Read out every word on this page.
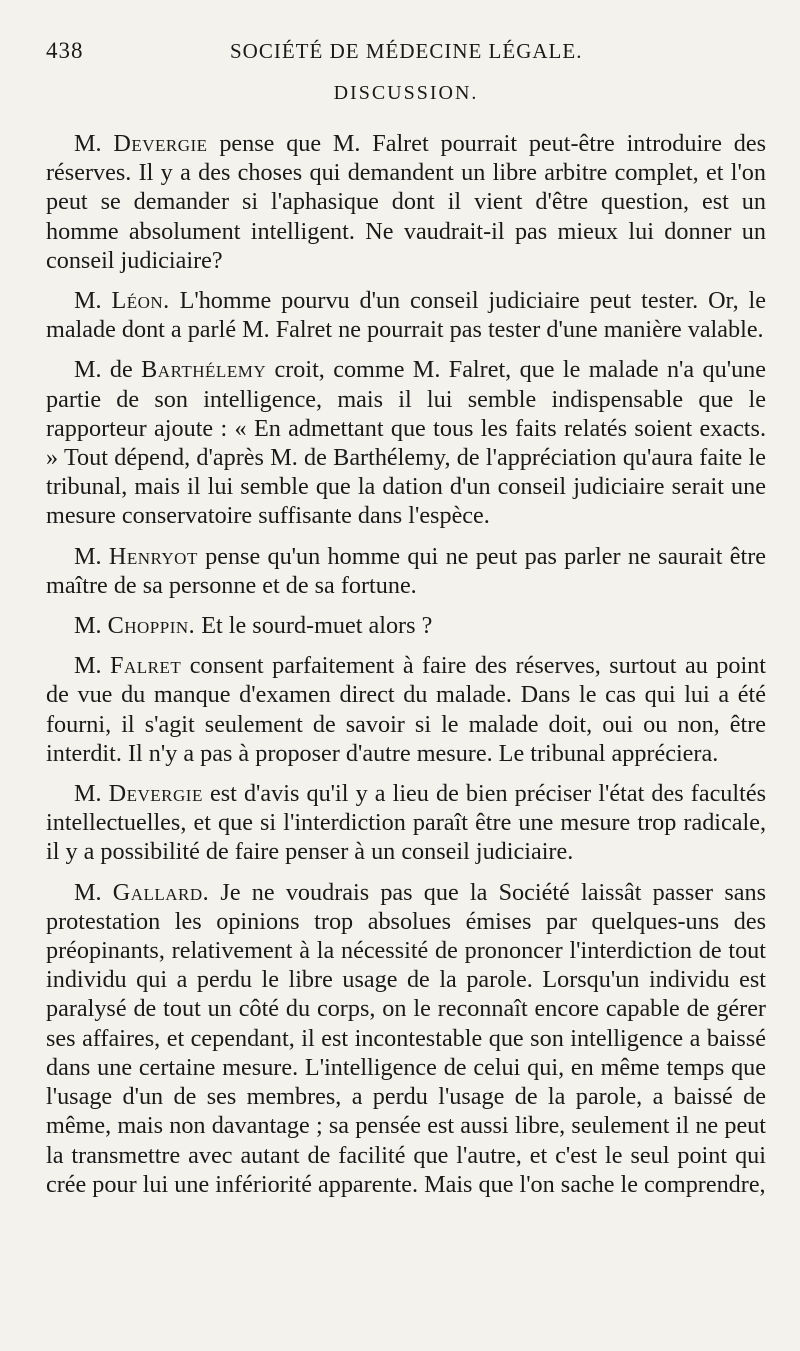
438	SOCIÉTÉ DE MÉDECINE LÉGALE.
DISCUSSION.

M. Devergie pense que M. Falret pourrait peut-être introduire des réserves. Il y a des choses qui demandent un libre arbitre complet, et l'on peut se demander si l'aphasique dont il vient d'être question, est un homme absolument intelligent. Ne vaudrait-il pas mieux lui donner un conseil judiciaire?

M. Léon. L'homme pourvu d'un conseil judiciaire peut tester. Or, le malade dont a parlé M. Falret ne pourrait pas tester d'une manière valable.

M. de Barthélemy croit, comme M. Falret, que le malade n'a qu'une partie de son intelligence, mais il lui semble indispensable que le rapporteur ajoute : « En admettant que tous les faits relatés soient exacts. » Tout dépend, d'après M. de Barthélemy, de l'appréciation qu'aura faite le tribunal, mais il lui semble que la dation d'un conseil judiciaire serait une mesure conservatoire suffisante dans l'espèce.

M. Henryot pense qu'un homme qui ne peut pas parler ne saurait être maître de sa personne et de sa fortune.

M. Choppin. Et le sourd-muet alors ?

M. Falret consent parfaitement à faire des réserves, surtout au point de vue du manque d'examen direct du malade. Dans le cas qui lui a été fourni, il s'agit seulement de savoir si le malade doit, oui ou non, être interdit. Il n'y a pas à proposer d'autre mesure. Le tribunal appréciera.

M. Devergie est d'avis qu'il y a lieu de bien préciser l'état des facultés intellectuelles, et que si l'interdiction paraît être une mesure trop radicale, il y a possibilité de faire penser à un conseil judiciaire.

M. Gallard. Je ne voudrais pas que la Société laissât passer sans protestation les opinions trop absolues émises par quelques-uns des préopinants, relativement à la nécessité de prononcer l'interdiction de tout individu qui a perdu le libre usage de la parole. Lorsqu'un individu est paralysé de tout un côté du corps, on le reconnaît encore capable de gérer ses affaires, et cependant, il est incontestable que son intelligence a baissé dans une certaine mesure. L'intelligence de celui qui, en même temps que l'usage d'un de ses membres, a perdu l'usage de la parole, a baissé de même, mais non davantage ; sa pensée est aussi libre, seulement il ne peut la transmettre avec autant de facilité que l'autre, et c'est le seul point qui crée pour lui une infériorité apparente. Mais que l'on sache le comprendre,
